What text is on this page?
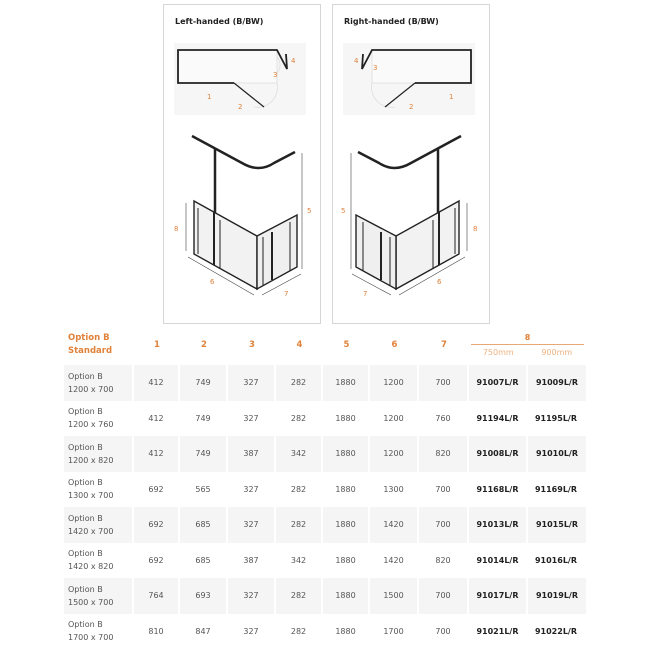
Left-handed (B/BW)
1
2
3
4
5
8
6
7
Right-handed (B/BW)
1
2
3
4
5
8
6
7
Option B
Standard	1	2	3	4	5	6	7	8
750mm 900mm	

Option B
1200 x 700	412	749	327	282	1880	1200	700	91007L/R	91009L/R
Option B
1200 x 760	412	749	327	282	1880	1200	760	91194L/R	91195L/R
Option B
1200 x 820	412	749	387	342	1880	1200	820	91008L/R	91010L/R
Option B
1300 x 700	692	565	327	282	1880	1300	700	91168L/R	91169L/R
Option B
1420 x 700	692	685	327	282	1880	1420	700	91013L/R	91015L/R
Option B
1420 x 820	692	685	387	342	1880	1420	820	91014L/R	91016L/R
Option B
1500 x 700	764	693	327	282	1880	1500	700	91017L/R	91019L/R
Option B
1700 x 700	810	847	327	282	1880	1700	700	91021L/R	91022L/R
